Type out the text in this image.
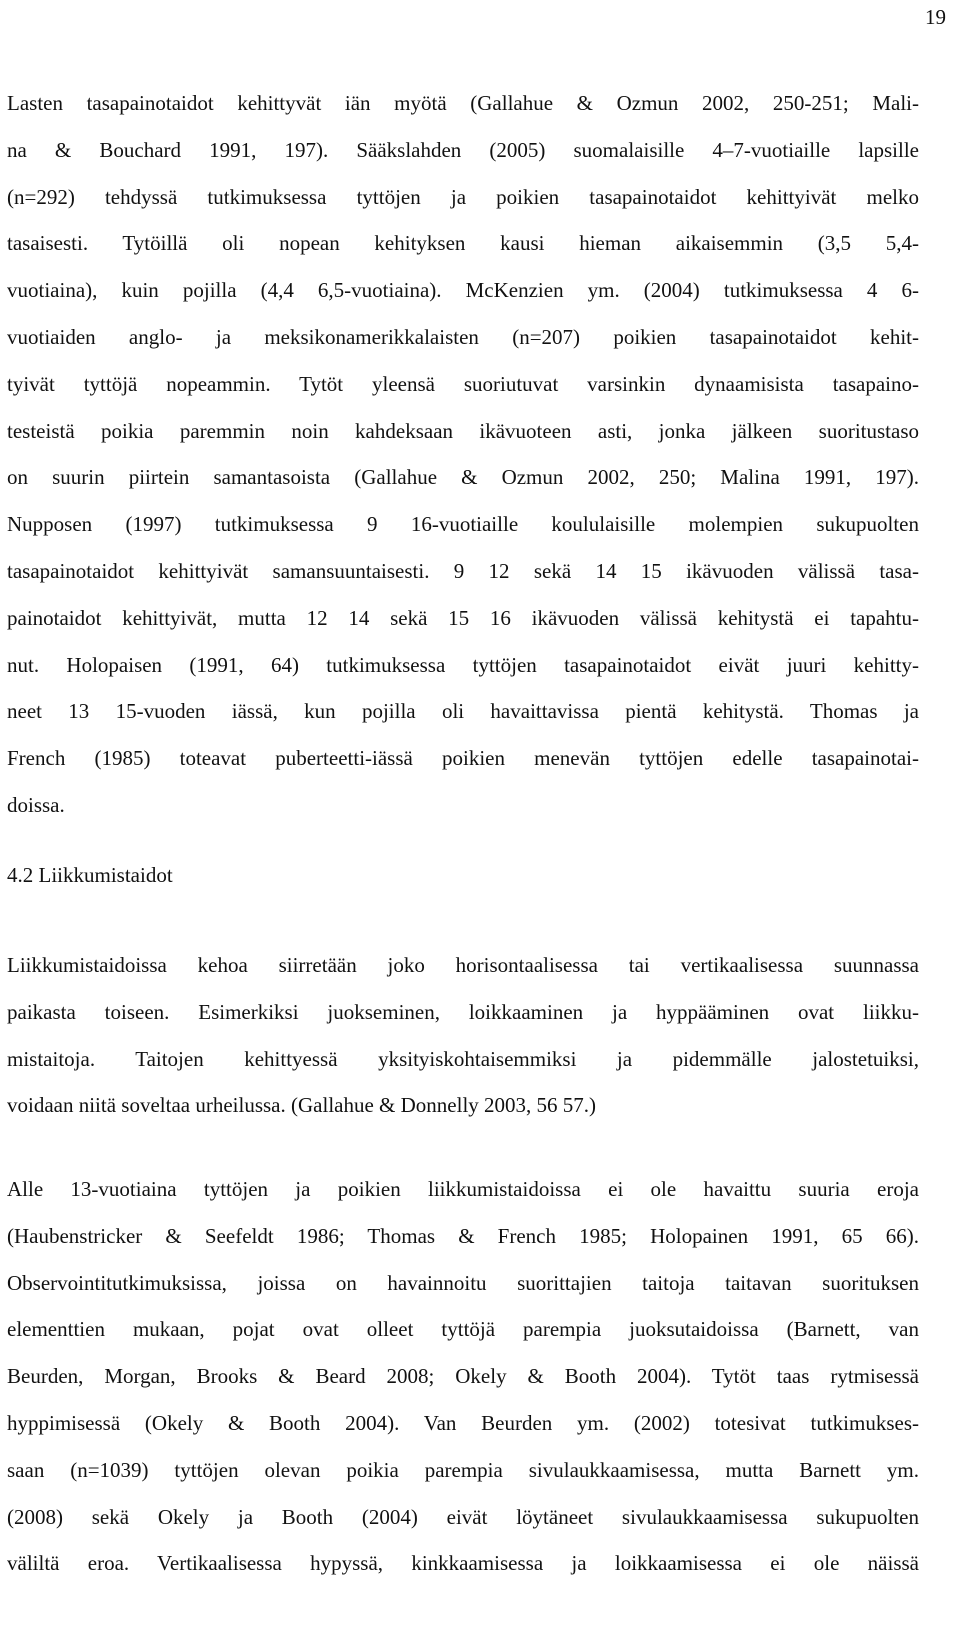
19
Lasten tasapainotaidot kehittyvät iän myötä (Gallahue & Ozmun 2002, 250-251; Mali-
na & Bouchard 1991, 197). Sääkslahden (2005) suomalaisille 4–7-vuotiaille lapsille
(n=292) tehdyssä tutkimuksessa tyttöjen ja poikien tasapainotaidot kehittyivät melko
tasaisesti. Tytöillä oli nopean kehityksen kausi hieman aikaisemmin (3,5 5,4-
vuotiaina), kuin pojilla (4,4 6,5-vuotiaina). McKenzien ym. (2004) tutkimuksessa 4 6-
vuotiaiden anglo- ja meksikonamerikkalaisten (n=207) poikien tasapainotaidot kehit-
tyivät tyttöjä nopeammin. Tytöt yleensä suoriutuvat varsinkin dynaamisista tasapaino-
testeistä poikia paremmin noin kahdeksaan ikävuoteen asti, jonka jälkeen suoritustaso
on suurin piirtein samantasoista (Gallahue & Ozmun 2002, 250; Malina 1991, 197).
Nupposen (1997) tutkimuksessa 9 16-vuotiaille koululaisille molempien sukupuolten
tasapainotaidot kehittyivät samansuuntaisesti. 9 12 sekä 14 15 ikävuoden välissä tasa-
painotaidot kehittyivät, mutta 12 14 sekä 15 16 ikävuoden välissä kehitystä ei tapahtu-
nut. Holopaisen (1991, 64) tutkimuksessa tyttöjen tasapainotaidot eivät juuri kehitty-
neet 13 15-vuoden iässä, kun pojilla oli havaittavissa pientä kehitystä. Thomas ja
French (1985) toteavat puberteetti-iässä poikien menevän tyttöjen edelle tasapainotai-
doissa.
4.2 Liikkumistaidot
Liikkumistaidoissa kehoa siirretään joko horisontaalisessa tai vertikaalisessa suunnassa
paikasta toiseen. Esimerkiksi juokseminen, loikkaaminen ja hyppääminen ovat liikku-
mistaitoja. Taitojen kehittyessä yksityiskohtaisemmiksi ja pidemmälle jalostetuiksi,
voidaan niitä soveltaa urheilussa. (Gallahue & Donnelly 2003, 56 57.)
Alle 13-vuotiaina tyttöjen ja poikien liikkumistaidoissa ei ole havaittu suuria eroja
(Haubenstricker & Seefeldt 1986; Thomas & French 1985; Holopainen 1991, 65 66).
Observointitutkimuksissa, joissa on havainnoitu suorittajien taitoja taitavan suorituksen
elementtien mukaan, pojat ovat olleet tyttöjä parempia juoksutaidoissa (Barnett, van
Beurden, Morgan, Brooks & Beard 2008; Okely & Booth 2004). Tytöt taas rytmisessä
hyppimisessä (Okely & Booth 2004). Van Beurden ym. (2002) totesivat tutkimukses-
saan (n=1039) tyttöjen olevan poikia parempia sivulaukkaamisessa, mutta Barnett ym.
(2008) sekä Okely ja Booth (2004) eivät löytäneet sivulaukkaamisessa sukupuolten
väliltä eroa. Vertikaalisessa hypyssä, kinkkaamisessa ja loikkaamisessa ei ole näissä
